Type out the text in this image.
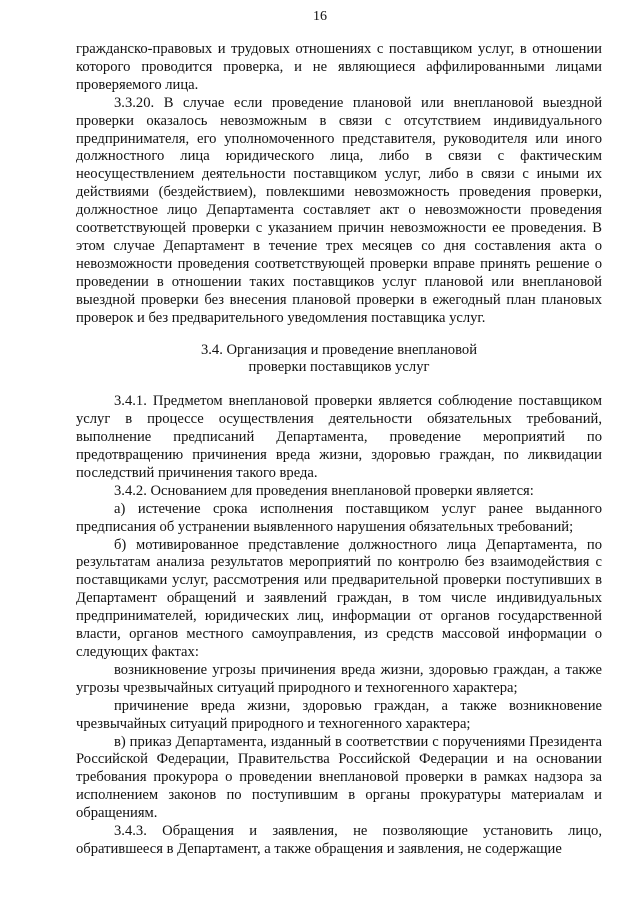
16

гражданско-правовых и трудовых отношениях с поставщиком услуг, в отношении которого проводится проверка, и не являющиеся аффилированными лицами проверяемого лица.

3.3.20. В случае если проведение плановой или внеплановой выездной проверки оказалось невозможным в связи с отсутствием индивидуального предпринимателя, его уполномоченного представителя, руководителя или иного должностного лица юридического лица, либо в связи с фактическим неосуществлением деятельности поставщиком услуг, либо в связи с иными их действиями (бездействием), повлекшими невозможность проведения проверки, должностное лицо Департамента составляет акт о невозможности проведения соответствующей проверки с указанием причин невозможности ее проведения. В этом случае Департамент в течение трех месяцев со дня составления акта о невозможности проведения соответствующей проверки вправе принять решение о проведении в отношении таких поставщиков услуг плановой или внеплановой выездной проверки без внесения плановой проверки в ежегодный план плановых проверок и без предварительного уведомления поставщика услуг.

3.4. Организация и проведение внеплановой
проверки поставщиков услуг

3.4.1. Предметом внеплановой проверки является соблюдение поставщиком услуг в процессе осуществления деятельности обязательных требований, выполнение предписаний Департамента, проведение мероприятий по предотвращению причинения вреда жизни, здоровью граждан, по ликвидации последствий причинения такого вреда.

3.4.2. Основанием для проведения внеплановой проверки является:

а) истечение срока исполнения поставщиком услуг ранее выданного предписания об устранении выявленного нарушения обязательных требований;

б) мотивированное представление должностного лица Департамента, по результатам анализа результатов мероприятий по контролю без взаимодействия с поставщиками услуг, рассмотрения или предварительной проверки поступивших в Департамент обращений и заявлений граждан, в том числе индивидуальных предпринимателей, юридических лиц, информации от органов государственной власти, органов местного самоуправления, из средств массовой информации о следующих фактах:

возникновение угрозы причинения вреда жизни, здоровью граждан, а также угрозы чрезвычайных ситуаций природного и техногенного характера;

причинение вреда жизни, здоровью граждан, а также возникновение чрезвычайных ситуаций природного и техногенного характера;

в) приказ Департамента, изданный в соответствии с поручениями Президента Российской Федерации, Правительства Российской Федерации и на основании требования прокурора о проведении внеплановой проверки в рамках надзора за исполнением законов по поступившим в органы прокуратуры материалам и обращениям.

3.4.3. Обращения и заявления, не позволяющие установить лицо, обратившееся в Департамент, а также обращения и заявления, не содержащие
